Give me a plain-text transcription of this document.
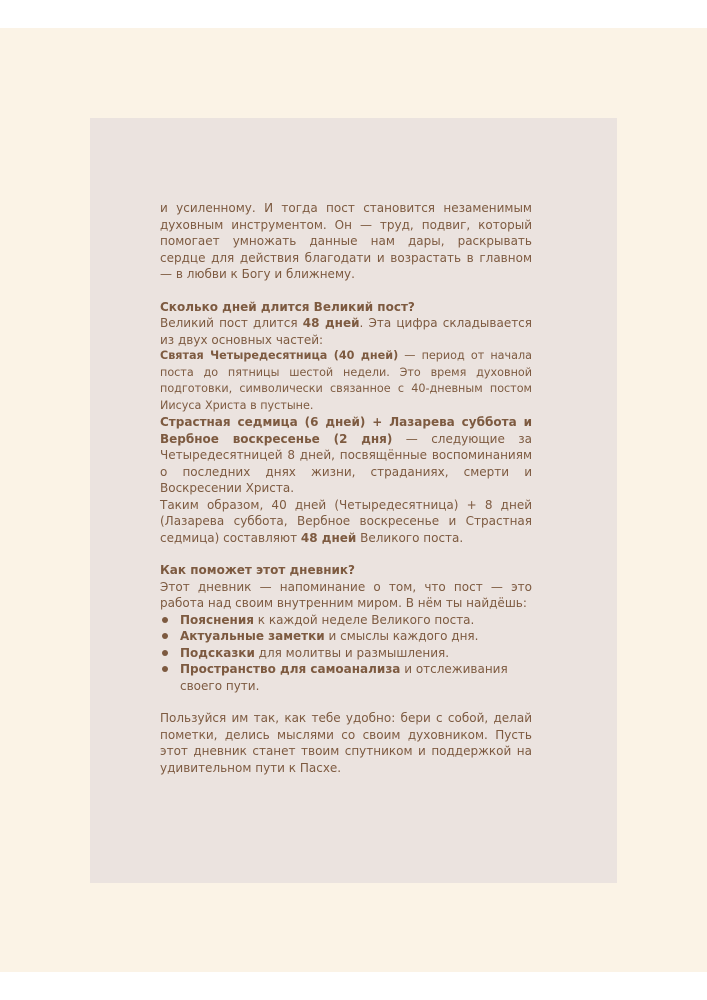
и усиленному. И тогда пост становится незаменимым духовным инструментом. Он — труд, подвиг, который помогает умножать данные нам дары, раскрывать сердце для действия благодати и возрастать в главном — в любви к Богу и ближнему.

Сколько дней длится Великий пост?

Великий пост длится 48 дней. Эта цифра складывается из двух основных частей:

Святая Четыредесятница (40 дней) — период от начала поста до пятницы шестой недели. Это время духовной подготовки, символически связанное с 40-дневным постом Иисуса Христа в пустыне.

Страстная седмица (6 дней) + Лазарева суббота и Вербное воскресенье (2 дня) — следующие за Четыредесятницей 8 дней, посвящённые воспоминаниям о последних днях жизни, страданиях, смерти и Воскресении Христа.

Таким образом, 40 дней (Четыредесятница) + 8 дней (Лазарева суббота, Вербное воскресенье и Страстная седмица) составляют 48 дней Великого поста.

Как поможет этот дневник?

Этот дневник — напоминание о том, что пост — это работа над своим внутренним миром. В нём ты найдёшь:

Пояснения к каждой неделе Великого поста.
Актуальные заметки и смыслы каждого дня.
Подсказки для молитвы и размышления.
Пространство для самоанализа и отслеживания своего пути.

Пользуйся им так, как тебе удобно: бери с собой, делай пометки, делись мыслями со своим духовником. Пусть этот дневник станет твоим спутником и поддержкой на удивительном пути к Пасхе.
